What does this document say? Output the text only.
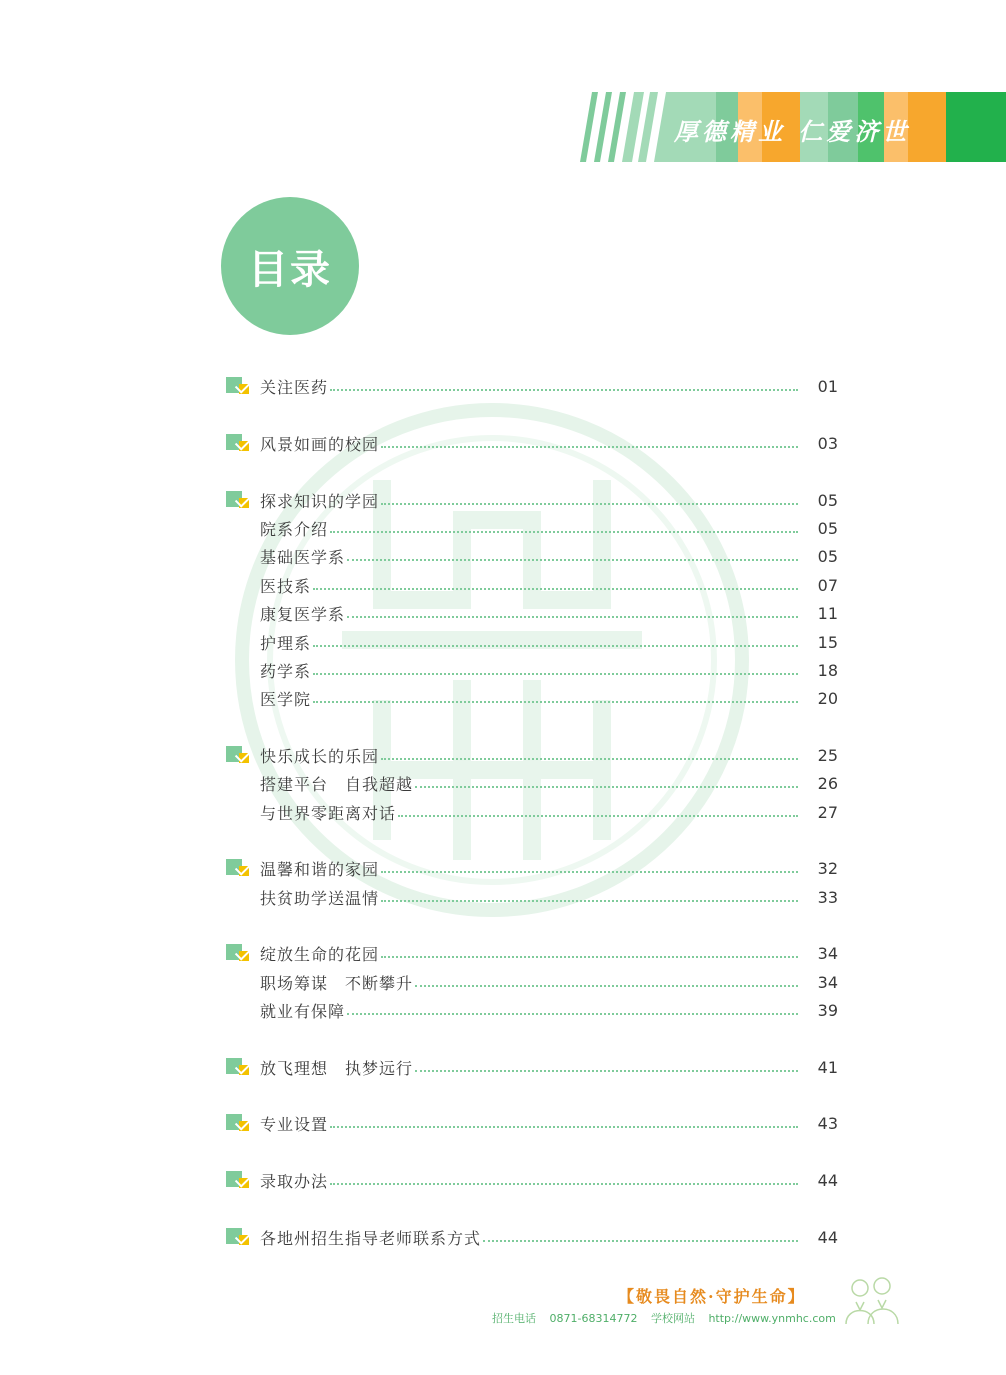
厚德精业 仁爱济世
目录
关注医药	01
风景如画的校园	03
探求知识的学园	05
院系介绍	05
基础医学系	05
医技系	07
康复医学系	11
护理系	15
药学系	18
医学院	20
快乐成长的乐园	25
搭建平台　自我超越	26
与世界零距离对话	27
温馨和谐的家园	32
扶贫助学送温情	33
绽放生命的花园	34
职场筹谋　不断攀升	34
就业有保障	39
放飞理想　执梦远行	41
专业设置	43
录取办法	44
各地州招生指导老师联系方式	44
【敬畏自然·守护生命】
招生电话 0871-68314772 学校网站 http://www.ynmhc.com
